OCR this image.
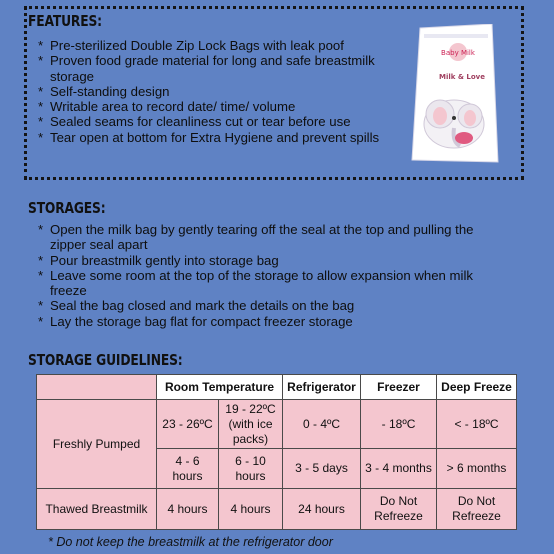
FEATURES:
* Pre-sterilized Double Zip Lock Bags with leak poof
* Proven food grade material for long and safe breastmilk storage
* Self-standing design
* Writable area to record date/ time/ volume
* Sealed seams for cleanliness cut or tear before use
* Tear open at bottom for Extra Hygiene and prevent spills
Baby Milk
Milk & Love
STORAGES:
* Open the milk bag by gently tearing off the seal at the top and pulling the zipper seal apart
* Pour breastmilk gently into storage bag
* Leave some room at the top of the storage to allow expansion when milk freeze
* Seal the bag closed and mark the details on the bag
* Lay the storage bag flat for compact freezer storage
STORAGE GUIDELINES:
	Room Temperature		Refrigerator	Freezer	Deep Freeze
Freshly Pumped	23 - 26ºC	19 - 22ºC (with ice packs)	0 - 4ºC	- 18ºC	< - 18ºC
	4 - 6 hours	6 - 10 hours	3 - 5 days	3 - 4 months	> 6 months
Thawed Breastmilk	4 hours	4 hours	24 hours	Do Not Refreeze	Do Not Refreeze
* Do not keep the breastmilk at the refrigerator door
